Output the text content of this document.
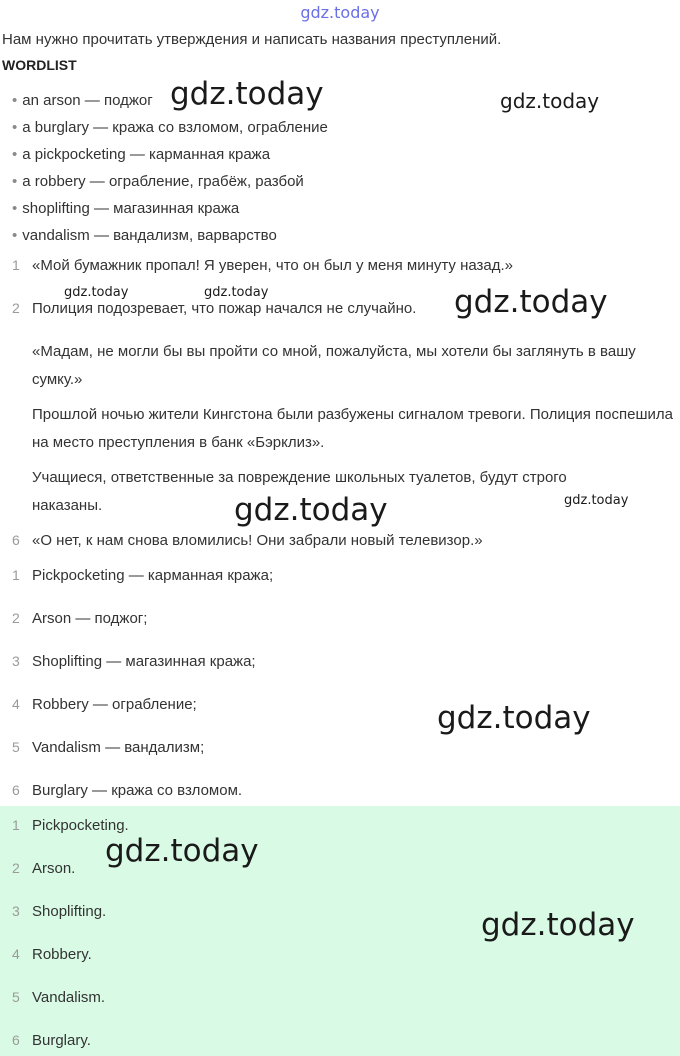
gdz.today
Нам нужно прочитать утверждения и написать названия преступлений.
WORDLIST
• an arson — поджог
• a burglary — кража со взломом, ограбление
• a pickpocketing — карманная кража
• a robbery — ограбление, грабёж, разбой
• shoplifting — магазинная кража
• vandalism — вандализм, варварство
1 «Мой бумажник пропал! Я уверен, что он был у меня минуту назад.»
2 Полиция подозревает, что пожар начался не случайно.
«Мадам, не могли бы вы пройти со мной, пожалуйста, мы хотели бы заглянуть в вашу сумку.»
Прошлой ночью жители Кингстона были разбужены сигналом тревоги. Полиция поспешила на место преступления в банк «Бэрклиз».
Учащиеся, ответственные за повреждение школьных туалетов, будут строго наказаны.
6 «О нет, к нам снова вломились! Они забрали новый телевизор.»
1 Pickpocketing — карманная кража;
2 Arson — поджог;
3 Shoplifting — магазинная кража;
4 Robbery — ограбление;
5 Vandalism — вандализм;
6 Burglary — кража со взломом.
1 Pickpocketing.
2 Arson.
3 Shoplifting.
4 Robbery.
5 Vandalism.
6 Burglary.
gdz.today	gdz.today
gdz.today	gdz.today	gdz.today
gdz.today	gdz.today
gdz.today
gdz.today
gdz.today
